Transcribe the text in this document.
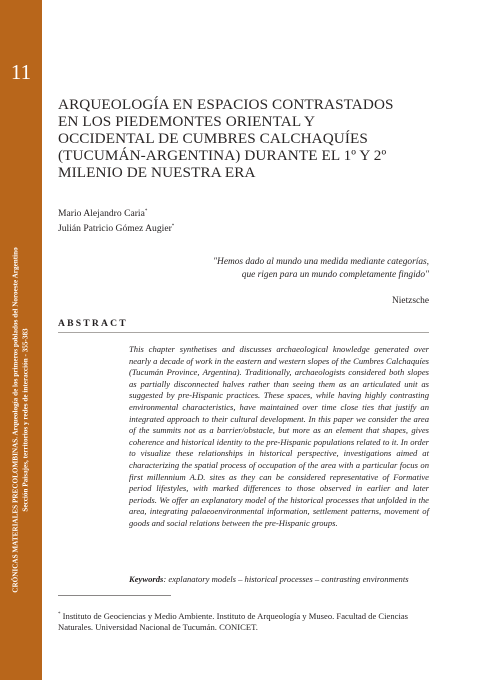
11
CRÓNICAS MATERIALES PRECOLOMBINAS. Arqueología de los primeros poblados del Noroeste Argentino Sección Paisajes, territorios y redes de interacción - 355-383
ARQUEOLOGÍA EN ESPACIOS CONTRASTADOS
EN LOS PIEDEMONTES ORIENTAL Y
OCCIDENTAL DE CUMBRES CALCHAQUÍES
(TUCUMÁN-ARGENTINA) DURANTE EL 1º Y 2º
MILENIO DE NUESTRA ERA
Mario Alejandro Caria*
Julián Patricio Gómez Augier*
"Hemos dado al mundo una medida mediante categorías,
que rigen para un mundo completamente fingido"
Nietzsche
ABSTRACT

This chapter synthetises and discusses archaeological knowledge generated over nearly a decade of work in the eastern and western slopes of the Cumbres Calchaquíes (Tucumán Province, Argentina). Traditionally, archaeologists considered both slopes as partially disconnected halves rather than seeing them as an articulated unit as suggested by pre-Hispanic practices. These spaces, while having highly contrasting environmental characteristics, have maintained over time close ties that justify an integrated approach to their cultural development. In this paper we consider the area of the summits not as a barrier/obstacle, but more as an element that shapes, gives coherence and historical identity to the pre-Hispanic populations related to it. In order to visualize these relationships in historical perspective, investigations aimed at characterizing the spatial process of occupation of the area with a particular focus on first millennium A.D. sites as they can be considered representative of Formative period lifestyles, with marked differences to those observed in earlier and later periods. We offer an explanatory model of the historical processes that unfolded in the area, integrating palaeoenvironmental information, settlement patterns, movement of goods and social relations between the pre-Hispanic groups.

Keywords: explanatory models – historical processes – contrasting environments
* Instituto de Geociencias y Medio Ambiente. Instituto de Arqueología y Museo. Facultad de Ciencias Naturales. Universidad Nacional de Tucumán. CONICET.
